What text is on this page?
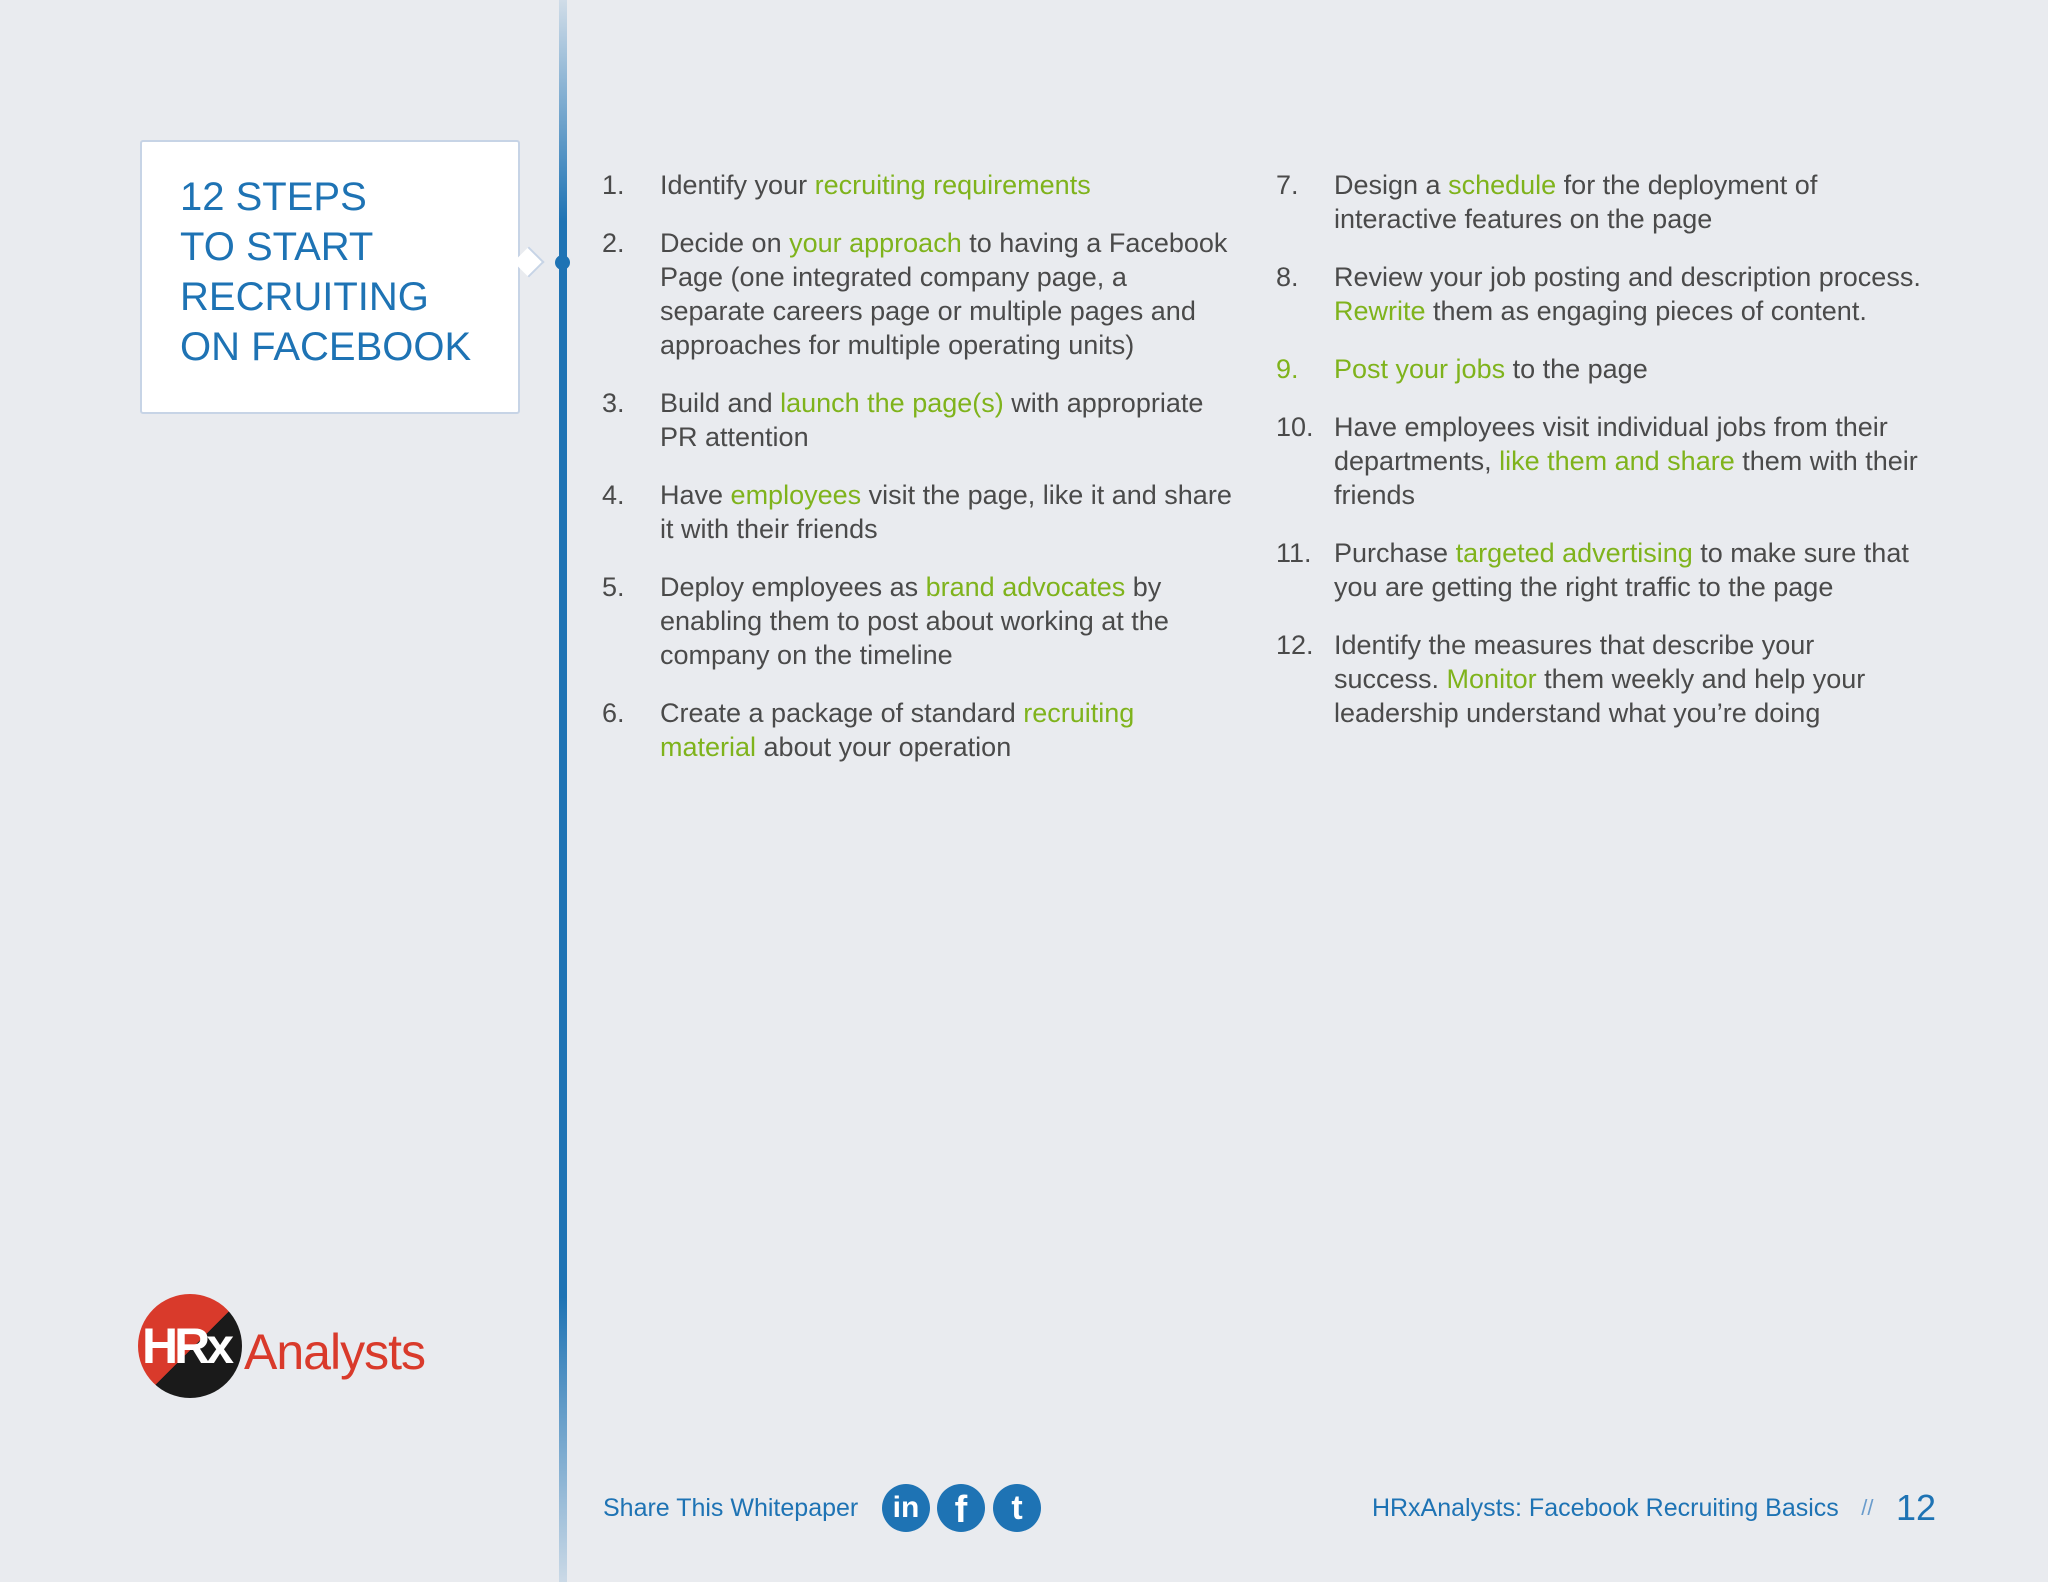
12 STEPS
TO START
RECRUITING
ON FACEBOOK
1. Identify your recruiting requirements
2. Decide on your approach to having a Facebook Page (one integrated company page, a separate careers page or multiple pages and approaches for multiple operating units)
3. Build and launch the page(s) with appropriate PR attention
4. Have employees visit the page, like it and share it with their friends
5. Deploy employees as brand advocates by enabling them to post about working at the company on the timeline
6. Create a package of standard recruiting material about your operation
7. Design a schedule for the deployment of interactive features on the page
8. Review your job posting and description process. Rewrite them as engaging pieces of content.
9. Post your jobs to the page
10. Have employees visit individual jobs from their departments, like them and share them with their friends
11. Purchase targeted advertising to make sure that you are getting the right traffic to the page
12. Identify the measures that describe your success. Monitor them weekly and help your leadership understand what you’re doing
HRx Analysts
Share This Whitepaper	in f	t	HRxAnalysts: Facebook Recruiting Basics // 12
